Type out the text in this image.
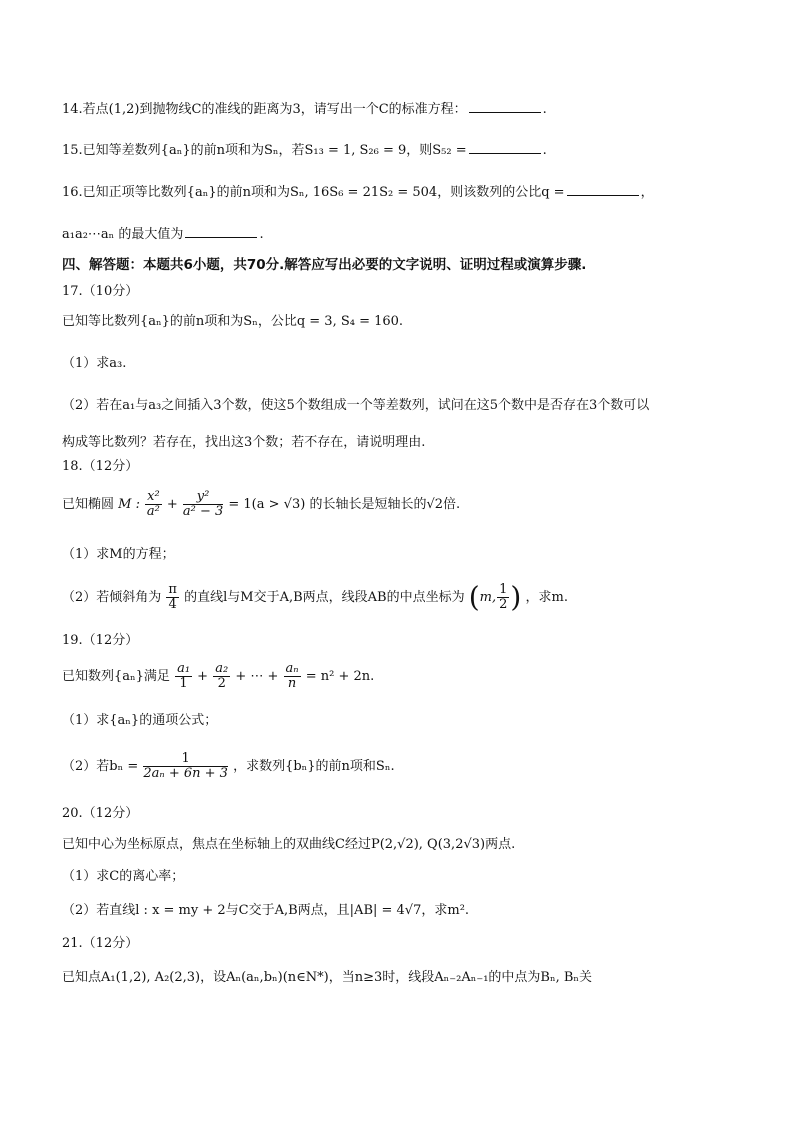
14.若点(1,2)到抛物线C的准线的距离为3，请写出一个C的标准方程：	.
15.已知等差数列{aₙ}的前n项和为Sₙ，若S₁₃ = 1, S₂₆ = 9，则S₅₂ =	.
16.已知正项等比数列{aₙ}的前n项和为Sₙ, 16S₆ = 21S₂ = 504，则该数列的公比q =	，
a₁a₂⋯aₙ 的最大值为	.
四、解答题：本题共6小题，共70分.解答应写出必要的文字说明、证明过程或演算步骤.
17.（10分）
已知等比数列{aₙ}的前n项和为Sₙ，公比q = 3, S₄ = 160.
（1）求a₃.
（2）若在a₁与a₃之间插入3个数，使这5个数组成一个等差数列，试问在这5个数中是否存在3个数可以
构成等比数列？若存在，找出这3个数；若不存在，请说明理由.
18.（12分）
已知椭圆 M : $\frac{\text{x²}}{\text{a²}} + \frac{\text{y²}}{\text{a² − 3}} = 1(a > √3)$ 的长轴长是短轴长的√2倍.
（1）求M的方程；
（2）若倾斜角为 $\frac{\pi}{4}$ 的直线l与M交于A,B两点，线段AB的中点坐标为 (m, $\frac{1}{2}$ ) ，求m.
19.（12分）
已知数列{aₙ}满足 $\frac{\text{a₁}}{1} + \frac{\text{a₂}}{2}$ + ⋯ + $\frac{\text{aₙ}}{n} = n^2 + 2n$.
（1）求{aₙ}的通项公式；
（2）若$b_n = \frac{1}{\text{2aₙ + 6n + 3}}$ ，求数列{bₙ}的前n项和Sₙ.
20.（12分）
已知中心为坐标原点，焦点在坐标轴上的双曲线C经过P(2,√2), Q(3,2√3)两点.
（1）求C的离心率；
（2）若直线l : x = my + 2与C交于A,B两点，且|AB| = 4√7，求m².
21.（12分）
已知点A₁(1,2), A₂(2,3)，设Aₙ(aₙ,bₙ)(n∈N*)，当n≥3时，线段Aₙ₋₂Aₙ₋₁的中点为Bₙ, Bₙ关
